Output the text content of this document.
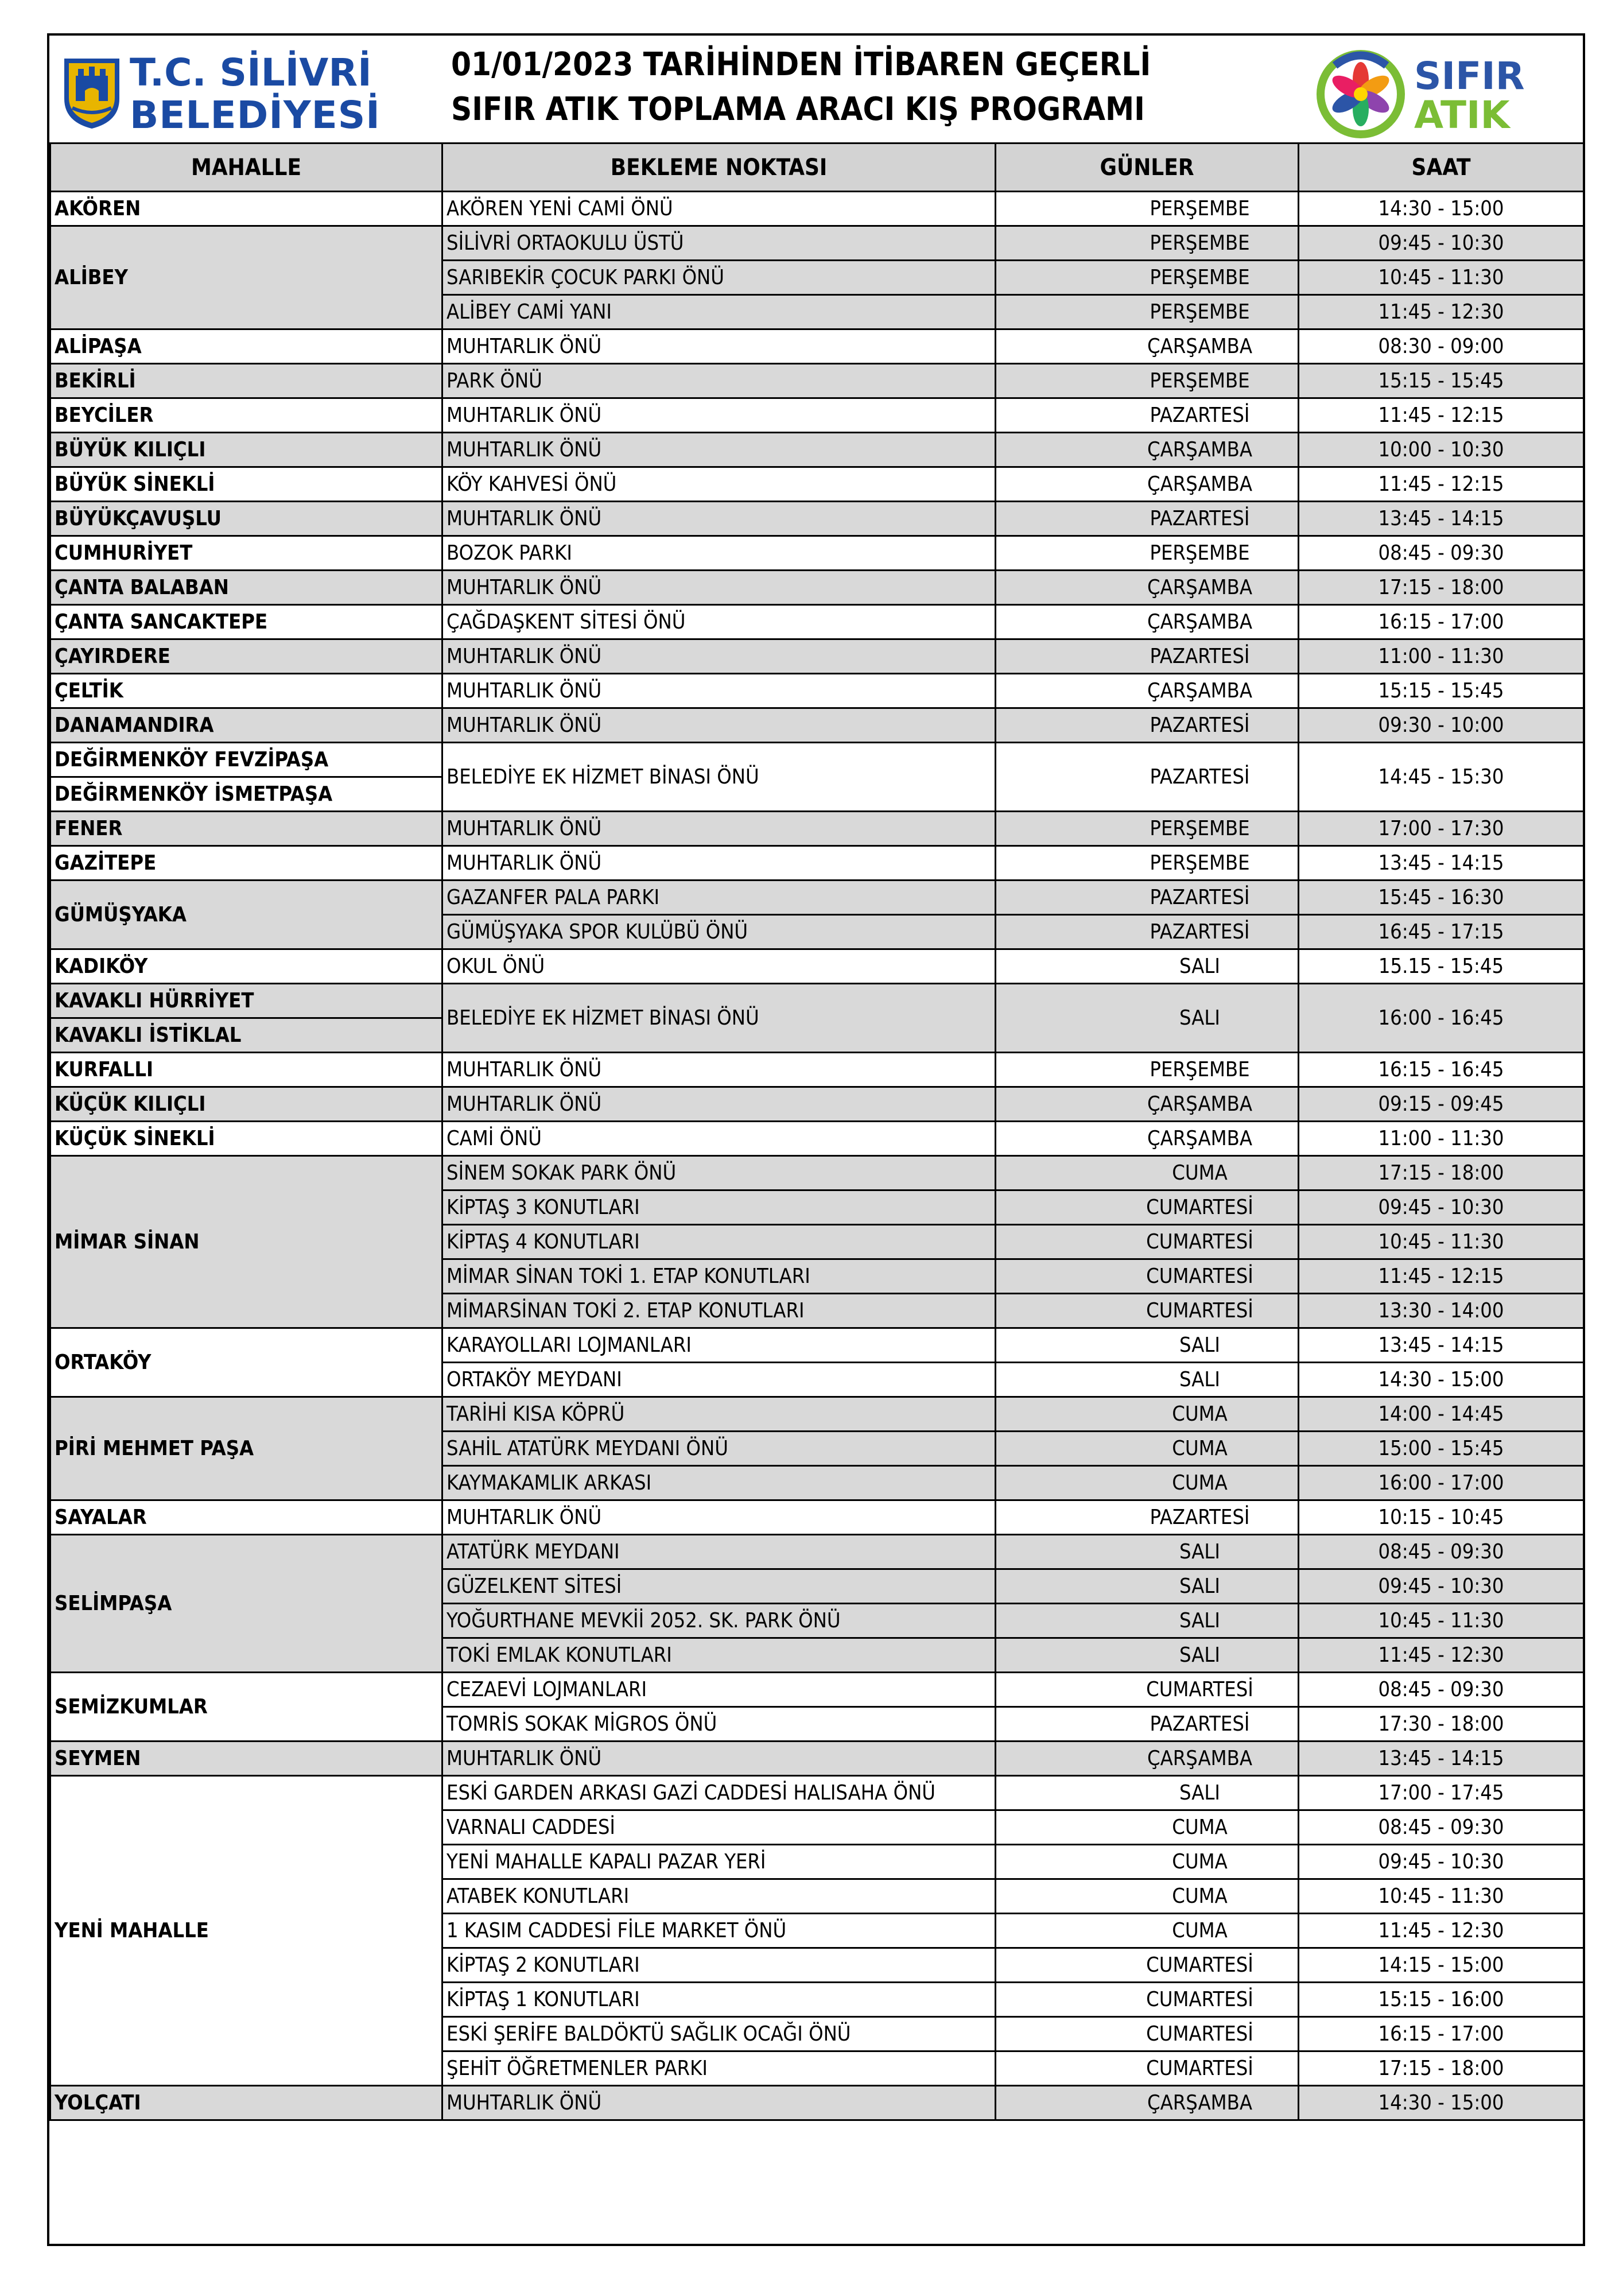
T.C. SİLİVRİ
BELEDİYESİ
01/01/2023 TARİHİNDEN İTİBAREN GEÇERLİ
SIFIR ATIK TOPLAMA ARACI KIŞ PROGRAMI
SIFIR
ATIK
MAHALLE	BEKLEME NOKTASI	GÜNLER	SAAT
AKÖREN	AKÖREN YENİ CAMİ ÖNÜ	PERŞEMBE	14:30 - 15:00
ALİBEY	SİLİVRİ ORTAOKULU ÜSTÜ	PERŞEMBE	09:45 - 10:30
	SARIBEKİR ÇOCUK PARKI ÖNÜ	PERŞEMBE	10:45 - 11:30
	ALİBEY CAMİ YANI	PERŞEMBE	11:45 - 12:30
ALİPAŞA	MUHTARLIK ÖNÜ	ÇARŞAMBA	08:30 - 09:00
BEKİRLİ	PARK ÖNÜ	PERŞEMBE	15:15 - 15:45
BEYCİLER	MUHTARLIK ÖNÜ	PAZARTESİ	11:45 - 12:15
BÜYÜK KILIÇLI	MUHTARLIK ÖNÜ	ÇARŞAMBA	10:00 - 10:30
BÜYÜK SİNEKLİ	KÖY KAHVESİ ÖNÜ	ÇARŞAMBA	11:45 - 12:15
BÜYÜKÇAVUŞLU	MUHTARLIK ÖNÜ	PAZARTESİ	13:45 - 14:15
CUMHURİYET	BOZOK PARKI	PERŞEMBE	08:45 - 09:30
ÇANTA BALABAN	MUHTARLIK ÖNÜ	ÇARŞAMBA	17:15 - 18:00
ÇANTA SANCAKTEPE	ÇAĞDAŞKENT SİTESİ ÖNÜ	ÇARŞAMBA	16:15 - 17:00
ÇAYIRDERE	MUHTARLIK ÖNÜ	PAZARTESİ	11:00 - 11:30
ÇELTİK	MUHTARLIK ÖNÜ	ÇARŞAMBA	15:15 - 15:45
DANAMANDIRA	MUHTARLIK ÖNÜ	PAZARTESİ	09:30 - 10:00
DEĞİRMENKÖY FEVZİPAŞA	BELEDİYE EK HİZMET BİNASI ÖNÜ	PAZARTESİ	14:45 - 15:30
DEĞİRMENKÖY İSMETPAŞA			
FENER	MUHTARLIK ÖNÜ	PERŞEMBE	17:00 - 17:30
GAZİTEPE	MUHTARLIK ÖNÜ	PERŞEMBE	13:45 - 14:15
GÜMÜŞYAKA	GAZANFER PALA PARKI	PAZARTESİ	15:45 - 16:30
	GÜMÜŞYAKA SPOR KULÜBÜ ÖNÜ	PAZARTESİ	16:45 - 17:15
KADIKÖY	OKUL ÖNÜ	SALI	15.15 - 15:45
KAVAKLI HÜRRİYET	BELEDİYE EK HİZMET BİNASI ÖNÜ	SALI	16:00 - 16:45
KAVAKLI İSTİKLAL			
KURFALLI	MUHTARLIK ÖNÜ	PERŞEMBE	16:15 - 16:45
KÜÇÜK KILIÇLI	MUHTARLIK ÖNÜ	ÇARŞAMBA	09:15 - 09:45
KÜÇÜK SİNEKLİ	CAMİ ÖNÜ	ÇARŞAMBA	11:00 - 11:30
MİMAR SİNAN	SİNEM SOKAK PARK ÖNÜ	CUMA	17:15 - 18:00
	KİPTAŞ 3 KONUTLARI	CUMARTESİ	09:45 - 10:30
	KİPTAŞ 4 KONUTLARI	CUMARTESİ	10:45 - 11:30
	MİMAR SİNAN TOKİ 1. ETAP KONUTLARI	CUMARTESİ	11:45 - 12:15
	MİMARSİNAN TOKİ 2. ETAP KONUTLARI	CUMARTESİ	13:30 - 14:00
ORTAKÖY	KARAYOLLARI LOJMANLARI	SALI	13:45 - 14:15
	ORTAKÖY MEYDANI	SALI	14:30 - 15:00
PİRİ MEHMET PAŞA	TARİHİ KISA KÖPRÜ	CUMA	14:00 - 14:45
	SAHİL ATATÜRK MEYDANI ÖNÜ	CUMA	15:00 - 15:45
	KAYMAKAMLIK ARKASI	CUMA	16:00 - 17:00
SAYALAR	MUHTARLIK ÖNÜ	PAZARTESİ	10:15 - 10:45
SELİMPAŞA	ATATÜRK MEYDANI	SALI	08:45 - 09:30
	GÜZELKENT SİTESİ	SALI	09:45 - 10:30
	YOĞURTHANE MEVKİİ 2052. SK. PARK ÖNÜ	SALI	10:45 - 11:30
	TOKİ EMLAK KONUTLARI	SALI	11:45 - 12:30
SEMİZKUMLAR	CEZAEVİ LOJMANLARI	CUMARTESİ	08:45 - 09:30
	TOMRİS SOKAK MİGROS ÖNÜ	PAZARTESİ	17:30 - 18:00
SEYMEN	MUHTARLIK ÖNÜ	ÇARŞAMBA	13:45 - 14:15
YENİ MAHALLE	ESKİ GARDEN ARKASI GAZİ CADDESİ HALISAHA ÖNÜ	SALI	17:00 - 17:45
	VARNALI CADDESİ	CUMA	08:45 - 09:30
	YENİ MAHALLE KAPALI PAZAR YERİ	CUMA	09:45 - 10:30
	ATABEK KONUTLARI	CUMA	10:45 - 11:30
	1 KASIM CADDESİ FİLE MARKET ÖNÜ	CUMA	11:45 - 12:30
	KİPTAŞ 2 KONUTLARI	CUMARTESİ	14:15 - 15:00
	KİPTAŞ 1 KONUTLARI	CUMARTESİ	15:15 - 16:00
	ESKİ ŞERİFE BALDÖKTÜ SAĞLIK OCAĞI ÖNÜ	CUMARTESİ	16:15 - 17:00
	ŞEHİT ÖĞRETMENLER PARKI	CUMARTESİ	17:15 - 18:00
YOLÇATI	MUHTARLIK ÖNÜ	ÇARŞAMBA	14:30 - 15:00
